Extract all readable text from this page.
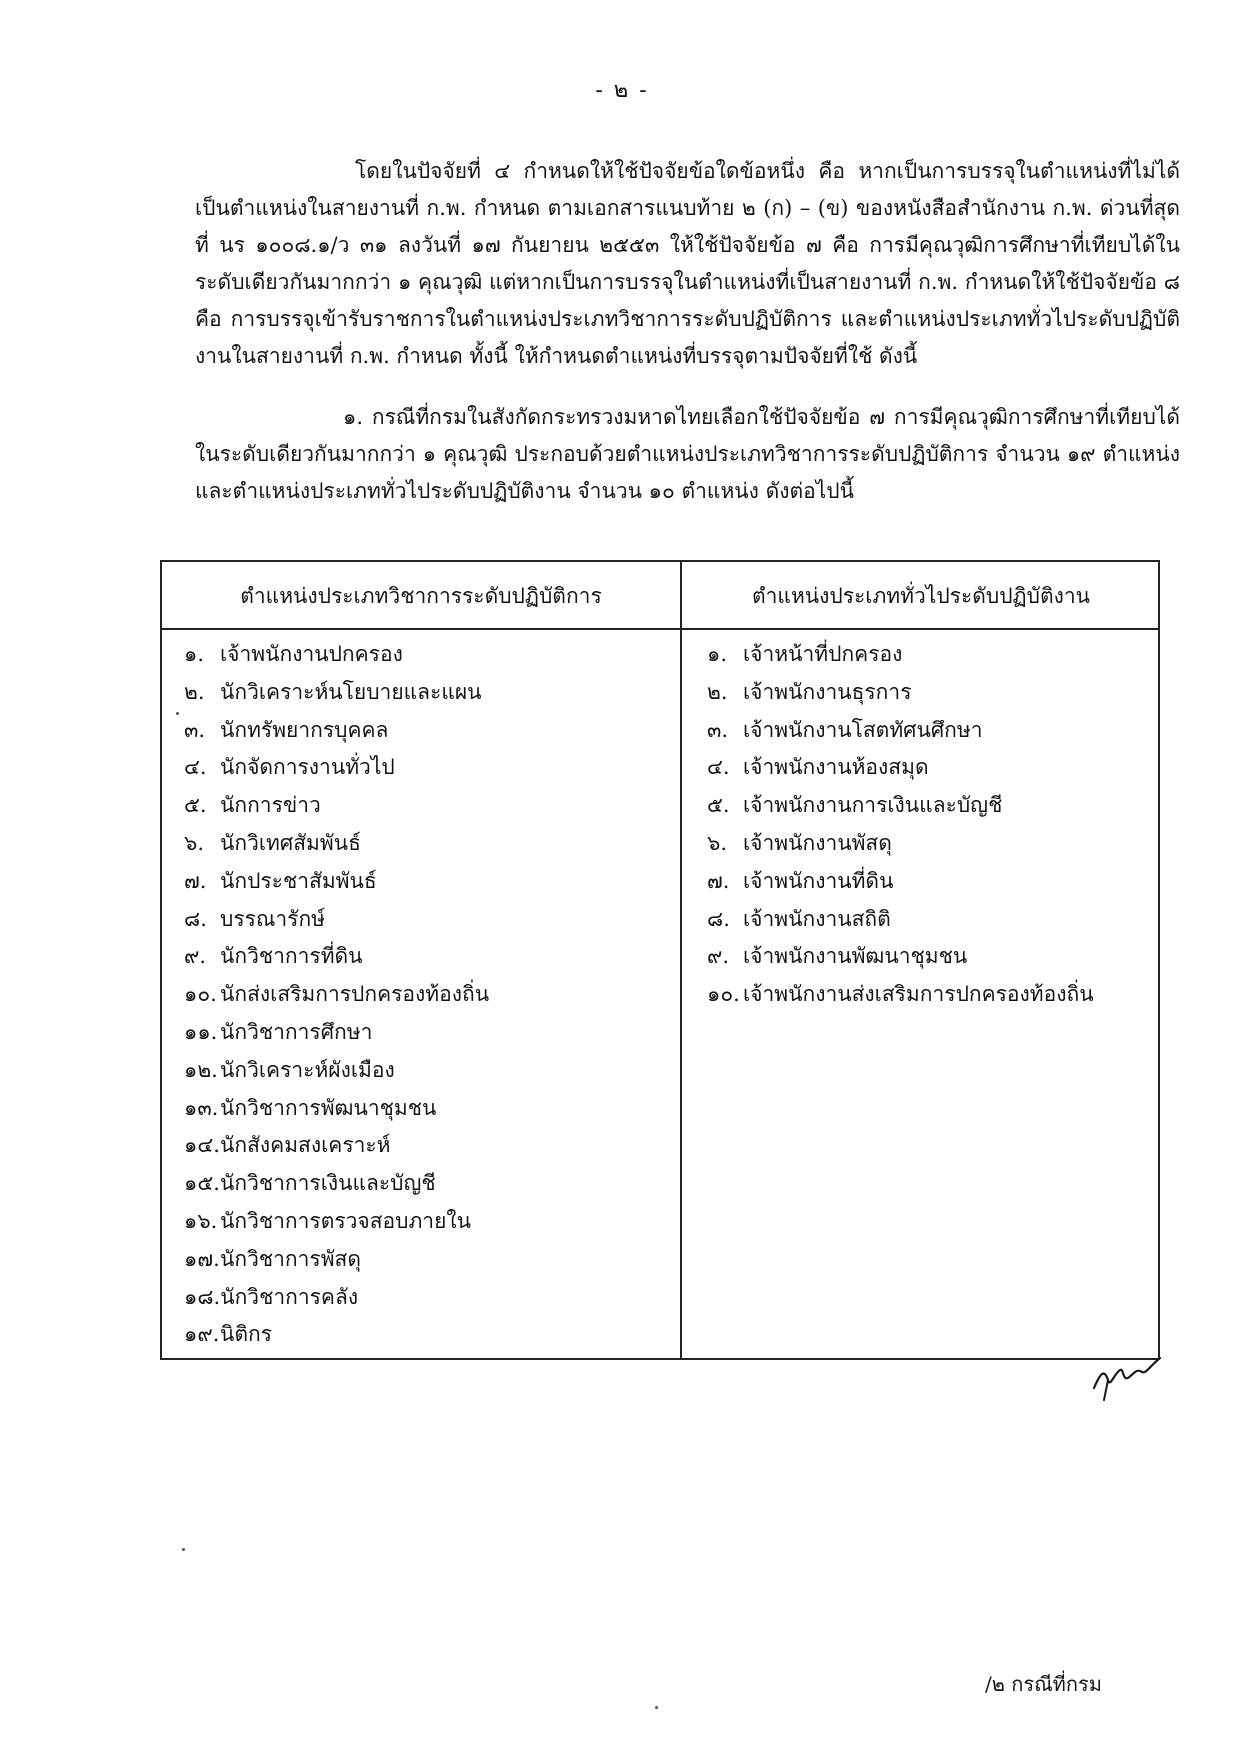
- ๒ -

โดยในปัจจัยที่ ๔ กำหนดให้ใช้ปัจจัยข้อใดข้อหนึ่ง คือ หากเป็นการบรรจุในตำแหน่งที่ไม่ได้เป็นตำแหน่งในสายงานที่ ก.พ. กำหนด ตามเอกสารแนบท้าย ๒ (ก) – (ข) ของหนังสือสำนักงาน ก.พ. ด่วนที่สุด ที่ นร ๑๐๐๘.๑/ว ๓๑ ลงวันที่ ๑๗ กันยายน ๒๕๕๓ ให้ใช้ปัจจัยข้อ ๗ คือ การมีคุณวุฒิการศึกษาที่เทียบได้ในระดับเดียวกันมากกว่า ๑ คุณวุฒิ แต่หากเป็นการบรรจุในตำแหน่งที่เป็นสายงานที่ ก.พ. กำหนดให้ใช้ปัจจัยข้อ ๘ คือ การบรรจุเข้ารับราชการในตำแหน่งประเภทวิชาการระดับปฏิบัติการ และตำแหน่งประเภททั่วไประดับปฏิบัติงานในสายงานที่ ก.พ. กำหนด ทั้งนี้ ให้กำหนดตำแหน่งที่บรรจุตามปัจจัยที่ใช้ ดังนี้

๑. กรณีที่กรมในสังกัดกระทรวงมหาดไทยเลือกใช้ปัจจัยข้อ ๗ การมีคุณวุฒิการศึกษาที่เทียบได้ในระดับเดียวกันมากกว่า ๑ คุณวุฒิ ประกอบด้วยตำแหน่งประเภทวิชาการระดับปฏิบัติการ จำนวน ๑๙ ตำแหน่ง และตำแหน่งประเภททั่วไประดับปฏิบัติงาน จำนวน ๑๐ ตำแหน่ง ดังต่อไปนี้

ตำแหน่งประเภทวิชาการระดับปฏิบัติการ	ตำแหน่งประเภททั่วไประดับปฏิบัติงาน
๑.เจ้าพนักงานปกครอง
๒.นักวิเคราะห์นโยบายและแผน
๓.นักทรัพยากรบุคคล
๔.นักจัดการงานทั่วไป
๕.นักการข่าว
๖.นักวิเทศสัมพันธ์
๗.นักประชาสัมพันธ์
๘.บรรณารักษ์
๙.นักวิชาการที่ดิน
๑๐.นักส่งเสริมการปกครองท้องถิ่น
๑๑.นักวิชาการศึกษา
๑๒.นักวิเคราะห์ผังเมือง
๑๓.นักวิชาการพัฒนาชุมชน
๑๔.นักสังคมสงเคราะห์
๑๕.นักวิชาการเงินและบัญชี
๑๖.นักวิชาการตรวจสอบภายใน
๑๗.นักวิชาการพัสดุ
๑๘.นักวิชาการคลัง
๑๙.นิติกร
๑.เจ้าหน้าที่ปกครอง
๒.เจ้าพนักงานธุรการ
๓.เจ้าพนักงานโสตทัศนศึกษา
๔.เจ้าพนักงานห้องสมุด
๕.เจ้าพนักงานการเงินและบัญชี
๖.เจ้าพนักงานพัสดุ
๗.เจ้าพนักงานที่ดิน
๘.เจ้าพนักงานสถิติ
๙.เจ้าพนักงานพัฒนาชุมชน
๑๐.เจ้าพนักงานส่งเสริมการปกครองท้องถิ่น
/๒ กรณีที่กรม
